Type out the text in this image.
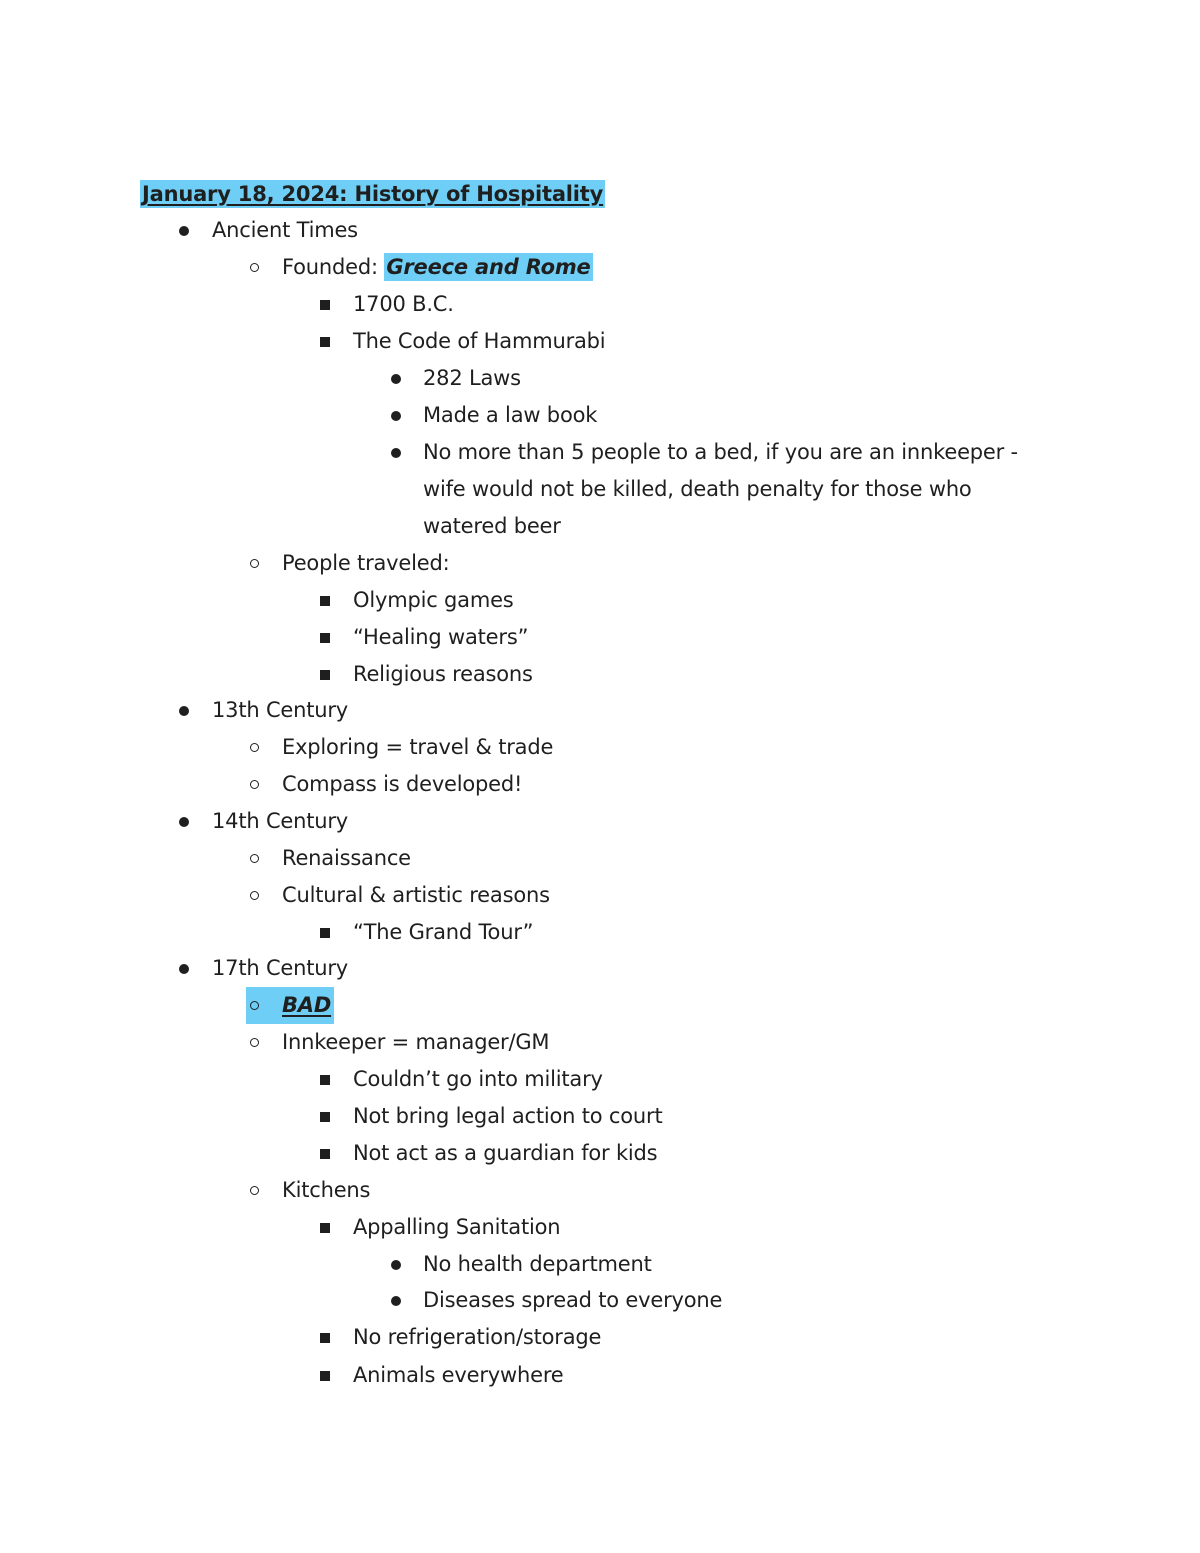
January 18, 2024: History of Hospitality
Ancient Times
Founded: Greece and Rome
1700 B.C.
The Code of Hammurabi
282 Laws
Made a law book
No more than 5 people to a bed, if you are an innkeeper -
wife would not be killed, death penalty for those who
watered beer
People traveled:
Olympic games
“Healing waters”
Religious reasons
13th Century
Exploring = travel & trade
Compass is developed!
14th Century
Renaissance
Cultural & artistic reasons
“The Grand Tour”
17th Century
BAD
Innkeeper = manager/GM
Couldn’t go into military
Not bring legal action to court
Not act as a guardian for kids
Kitchens
Appalling Sanitation
No health department
Diseases spread to everyone
No refrigeration/storage
Animals everywhere
